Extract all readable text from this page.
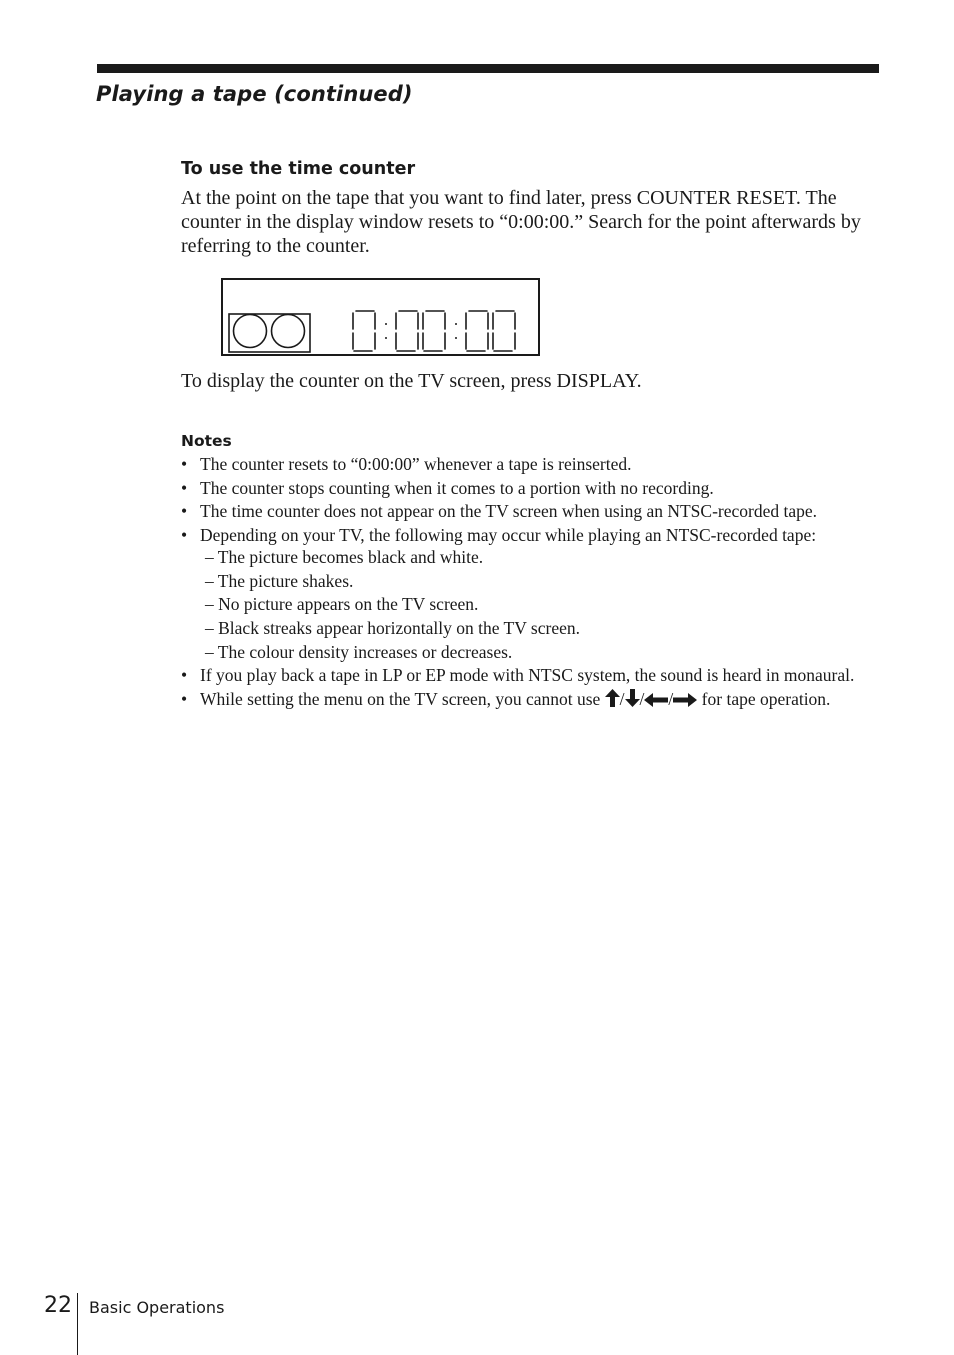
Playing a tape (continued)
To use the time counter

At the point on the tape that you want to find later, press COUNTER RESET. The counter in the display window resets to “0:00:00.” Search for the point afterwards by referring to the counter.

To display the counter on the TV screen, press DISPLAY.

Notes
• The counter resets to “0:00:00” whenever a tape is reinserted.
• The counter stops counting when it comes to a portion with no recording.
• The time counter does not appear on the TV screen when using an NTSC-recorded tape.
• Depending on your TV, the following may occur while playing an NTSC-recorded tape:
– The picture becomes black and white.
– The picture shakes.
– No picture appears on the TV screen.
– Black streaks appear horizontally on the TV screen.
– The colour density increases or decreases.
• If you play back a tape in LP or EP mode with NTSC system, the sound is heard in monaural.
• While setting the menu on the TV screen, you cannot use / / / for tape operation.
22 Basic Operations
